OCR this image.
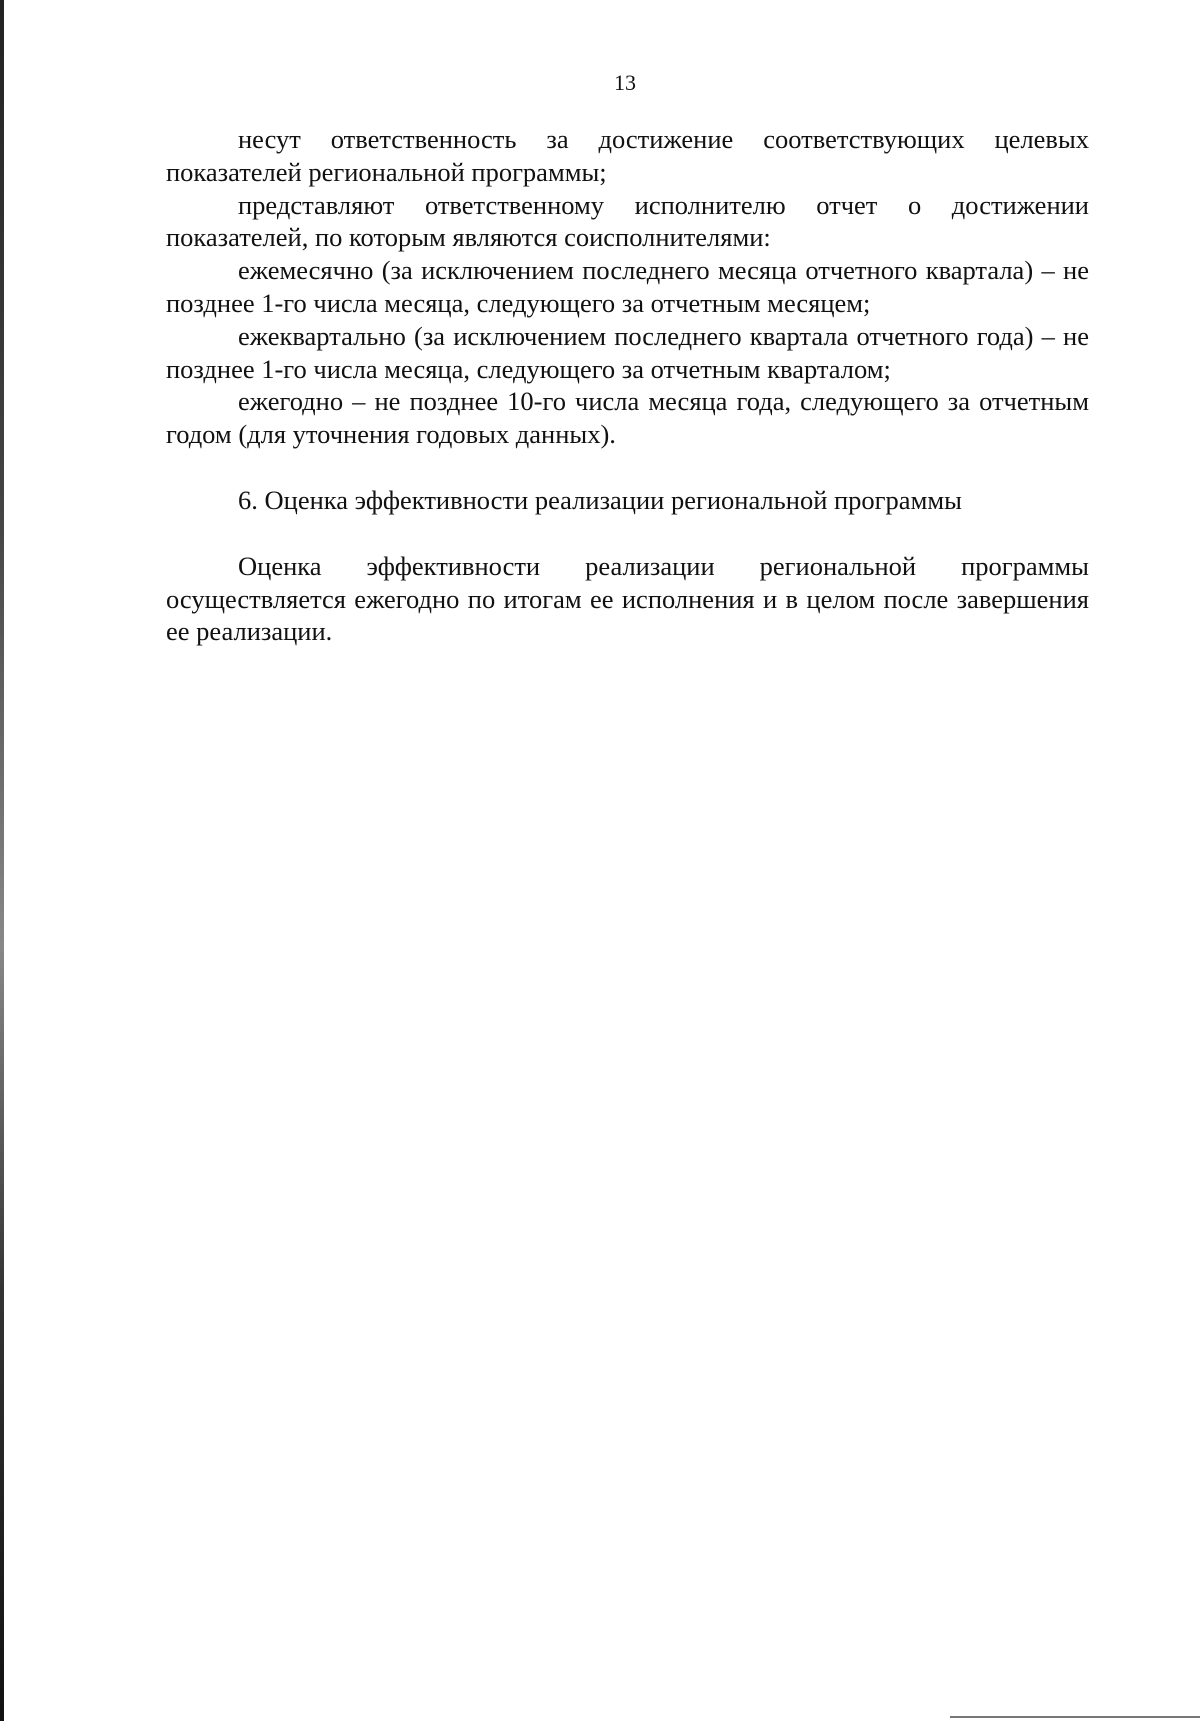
13

несут ответственность за достижение соответствующих целевых показателей региональной программы;

представляют ответственному исполнителю отчет о достижении показателей, по которым являются соисполнителями:

ежемесячно (за исключением последнего месяца отчетного квартала) – не позднее 1-го числа месяца, следующего за отчетным месяцем;

ежеквартально (за исключением последнего квартала отчетного года) – не позднее 1-го числа месяца, следующего за отчетным кварталом;

ежегодно – не позднее 10-го числа месяца года, следующего за отчетным годом (для уточнения годовых данных).

6. Оценка эффективности реализации региональной программы

Оценка эффективности реализации региональной программы осуществляется ежегодно по итогам ее исполнения и в целом после завершения ее реализации.
